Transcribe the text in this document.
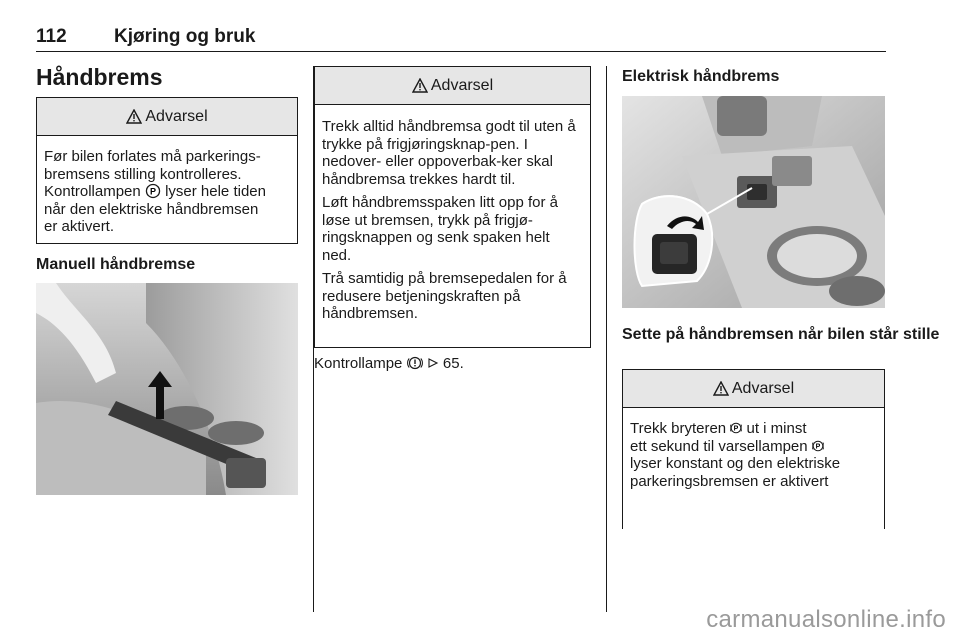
112 Kjøring og bruk
Håndbrems
Advarsel
Før bilen forlates må parkerings-
bremsens stilling kontrolleres.
Kontrollampen P lyser hele tiden
når den elektriske håndbremsen
er aktivert.
Manuell håndbremse
Advarsel

Trekk alltid håndbremsa godt til uten å trykke på frigjøringsknap-pen. I nedover- eller oppoverbak-ker skal håndbremsa trekkes hardt til.

Løft håndbremsspaken litt opp for å løse ut bremsen, trykk på frigjø-ringsknappen og senk spaken helt ned.

Trå samtidig på bremsepedalen for å redusere betjeningskraften på håndbremsen.

Kontrollampe	65.
Elektrisk håndbrems
Sette på håndbremsen når bilen står stille
Advarsel
Trekk bryteren P ut i minst
ett sekund til varsellampen P
lyser konstant og den elektriske
parkeringsbremsen er aktivert
carmanualsonline.info
